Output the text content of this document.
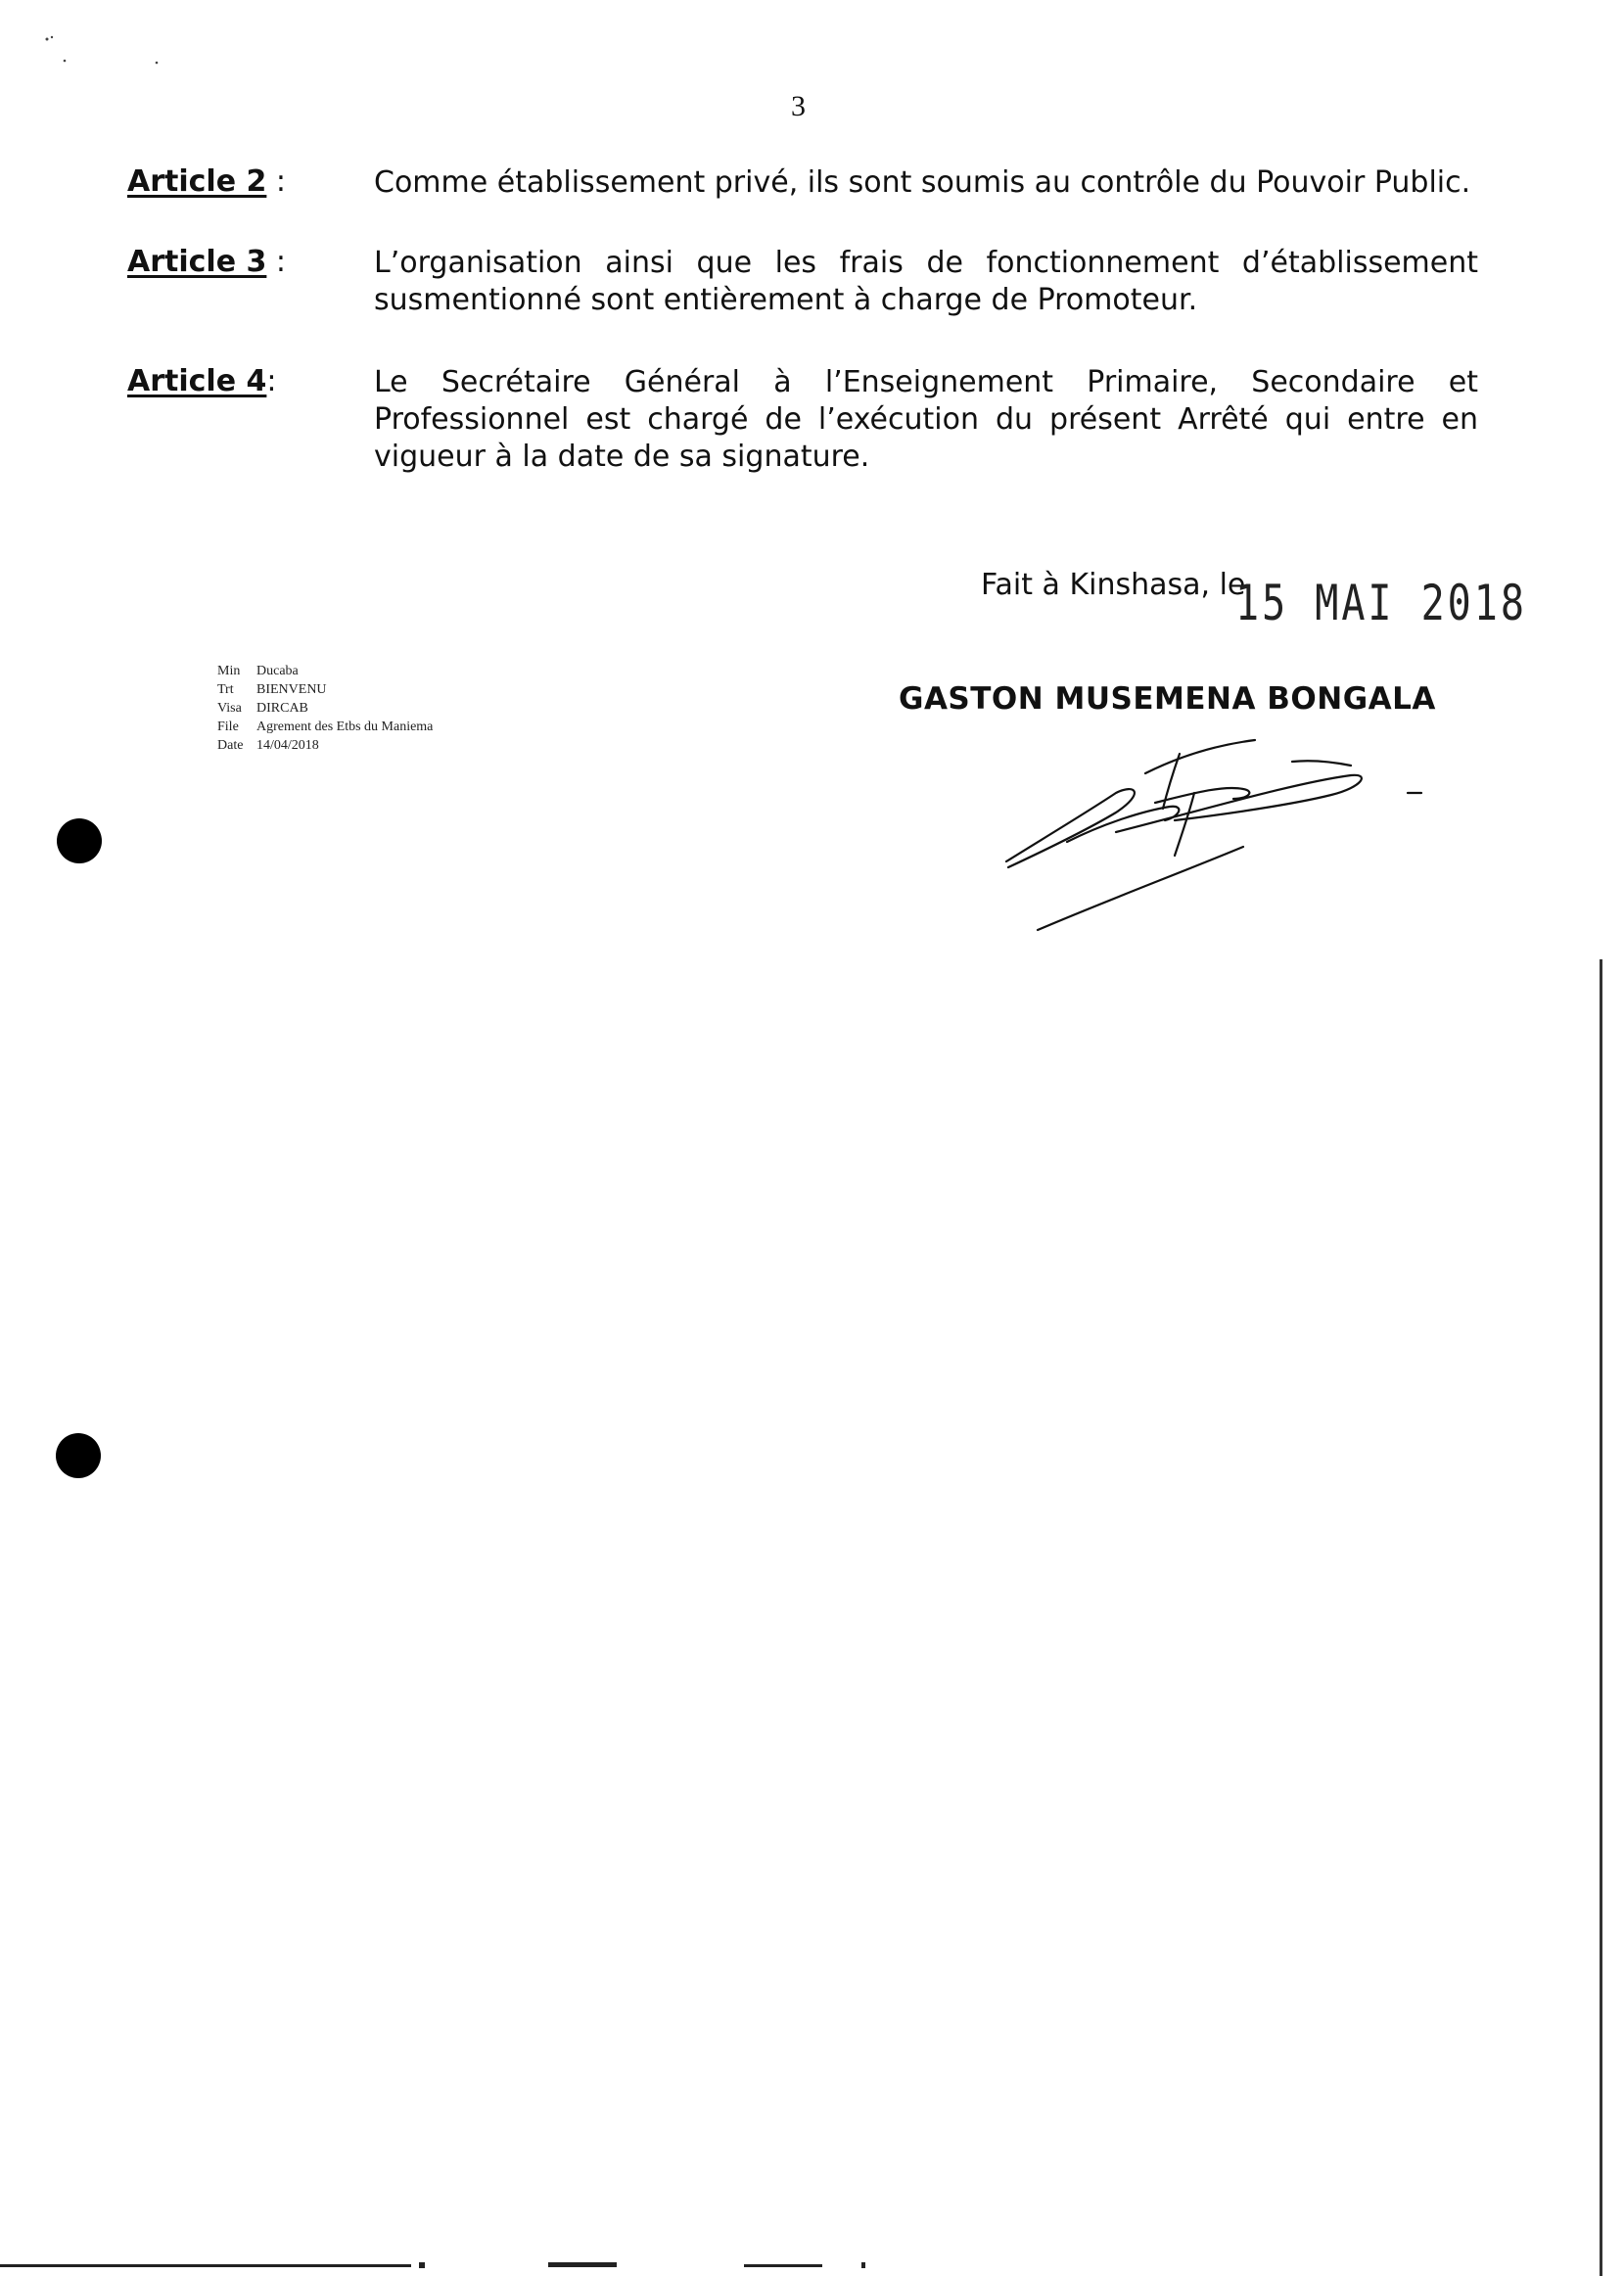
3
Article 2 :	Comme établissement privé, ils sont soumis au contrôle du Pouvoir Public.
Article 3 :	L’organisation ainsi que les frais de fonctionnement d’établissement susmentionné sont entièrement à charge de Promoteur.
Article 4:	Le Secrétaire Général à l’Enseignement Primaire, Secondaire et Professionnel est chargé de l’exécution du présent Arrêté qui entre en vigueur à la date de sa signature.
Fait à Kinshasa, le
15 MAI 2018
Min	Ducaba
Trt	BIENVENU
Visa	DIRCAB
File	Agrement des Etbs du Maniema
Date 14/04/2018
GASTON MUSEMENA BONGALA
